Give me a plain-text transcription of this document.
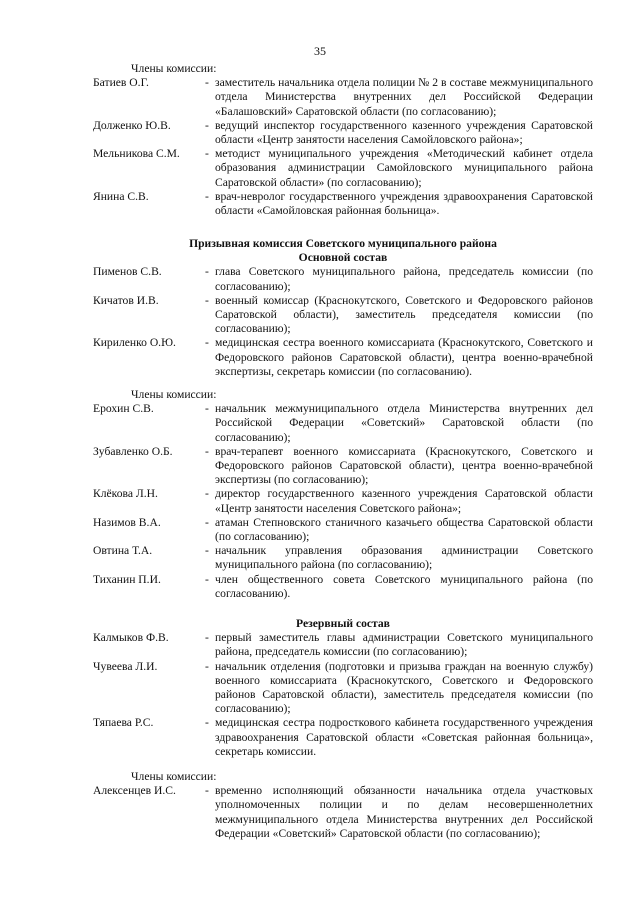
35
Члены комиссии:
Батиев О.Г.	- заместитель начальника отдела полиции № 2 в составе межмуниципального отдела Министерства внутренних дел Российской Федерации «Балашовский» Саратовской области (по согласованию);
Долженко Ю.В.	- ведущий инспектор государственного казенного учреждения Саратовской области «Центр занятости населения Самойловского района»;
Мельникова С.М.	- методист муниципального учреждения «Методический кабинет отдела образования администрации Самойловского муниципального района Саратовской области» (по согласованию);
Янина С.В.	- врач-невролог государственного учреждения здравоохранения Саратовской области «Самойловская районная больница».
Призывная комиссия Советского муниципального района
Основной состав
Пименов С.В.	- глава Советского муниципального района, председатель комиссии (по согласованию);
Кичатов И.В.	- военный комиссар (Краснокутского, Советского и Федоровского районов Саратовской области), заместитель председателя комиссии (по согласованию);
Кириленко О.Ю.	- медицинская сестра военного комиссариата (Краснокутского, Советского и Федоровского районов Саратовской области), центра военно-врачебной экспертизы, секретарь комиссии (по согласованию).
Члены комиссии:
Ерохин С.В.	- начальник межмуниципального отдела Министерства внутренних дел Российской Федерации «Советский» Саратовской области (по согласованию);
Зубавленко О.Б.	- врач-терапевт военного комиссариата (Краснокутского, Советского и Федоровского районов Саратовской области), центра военно-врачебной экспертизы (по согласованию);
Клёкова Л.Н.	- директор государственного казенного учреждения Саратовской области «Центр занятости населения Советского района»;
Назимов В.А.	- атаман Степновского станичного казачьего общества Саратовской области (по согласованию);
Овтина Т.А.	- начальник управления образования администрации Советского муниципального района (по согласованию);
Тиханин П.И.	- член общественного совета Советского муниципального района (по согласованию).
Резервный состав
Калмыков Ф.В.	- первый заместитель главы администрации Советского муниципального района, председатель комиссии (по согласованию);
Чувеева Л.И.	- начальник отделения (подготовки и призыва граждан на военную службу) военного комиссариата (Краснокутского, Советского и Федоровского районов Саратовской области), заместитель председателя комиссии (по согласованию);
Тяпаева Р.С.	- медицинская сестра подросткового кабинета государственного учреждения здравоохранения Саратовской области «Советская районная больница», секретарь комиссии.
Члены комиссии:
Алексенцев И.С.	- временно исполняющий обязанности начальника отдела участковых уполномоченных полиции и по делам несовершеннолетних межмуниципального отдела Министерства внутренних дел Российской Федерации «Советский» Саратовской области (по согласованию);
